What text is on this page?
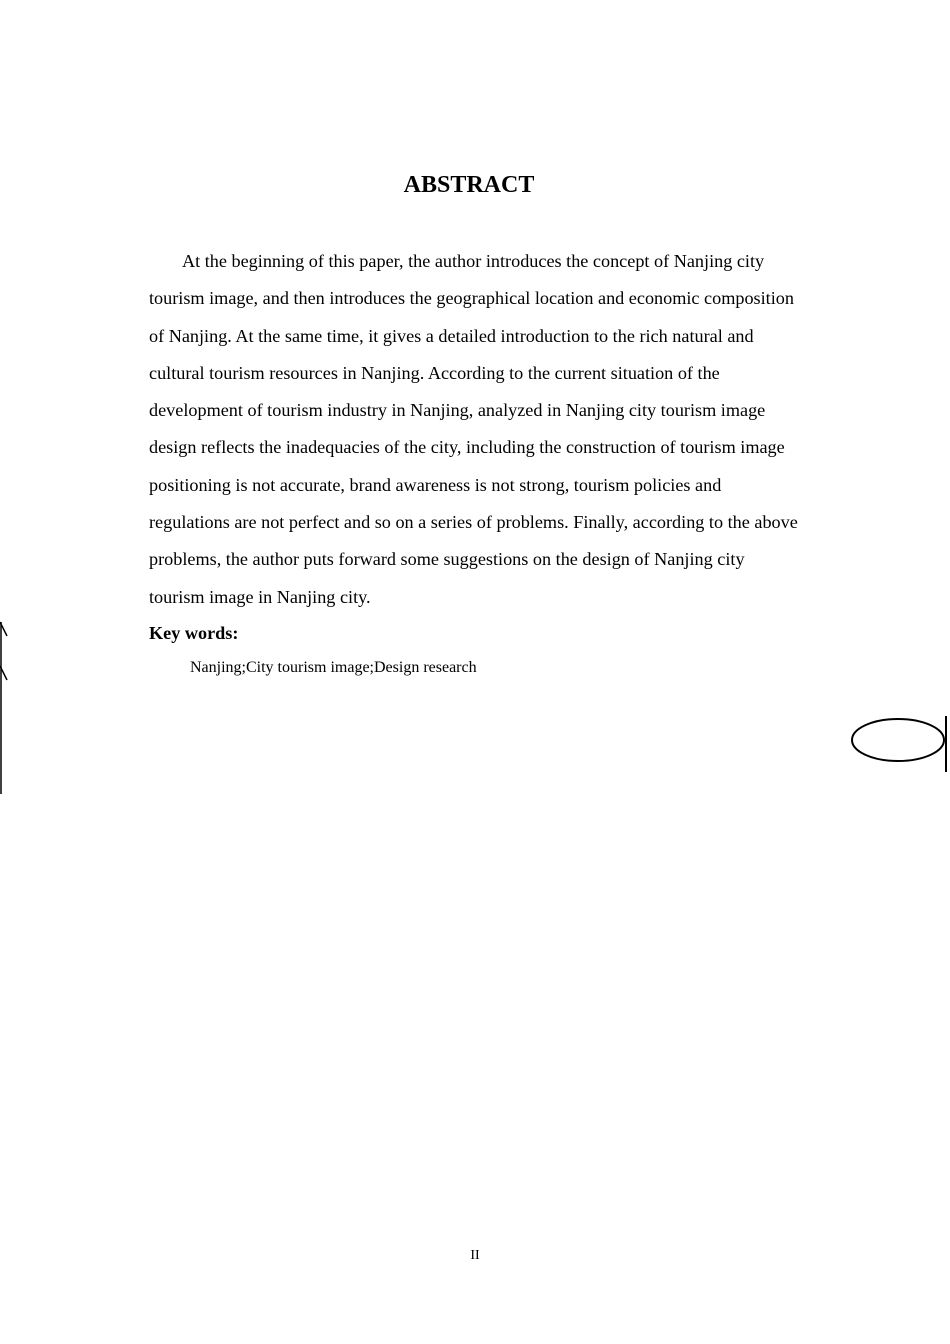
ABSTRACT

At the beginning of this paper, the author introduces the concept of Nanjing city tourism image, and then introduces the geographical location and economic composition of Nanjing. At the same time, it gives a detailed introduction to the rich natural and cultural tourism resources in Nanjing. According to the current situation of the development of tourism industry in Nanjing, analyzed in Nanjing city tourism image design reflects the inadequacies of the city, including the construction of tourism image positioning is not accurate, brand awareness is not strong, tourism policies and regulations are not perfect and so on a series of problems. Finally, according to the above problems, the author puts forward some suggestions on the design of Nanjing city tourism image in Nanjing city.

Key words:
Nanjing;City tourism image;Design research
II
